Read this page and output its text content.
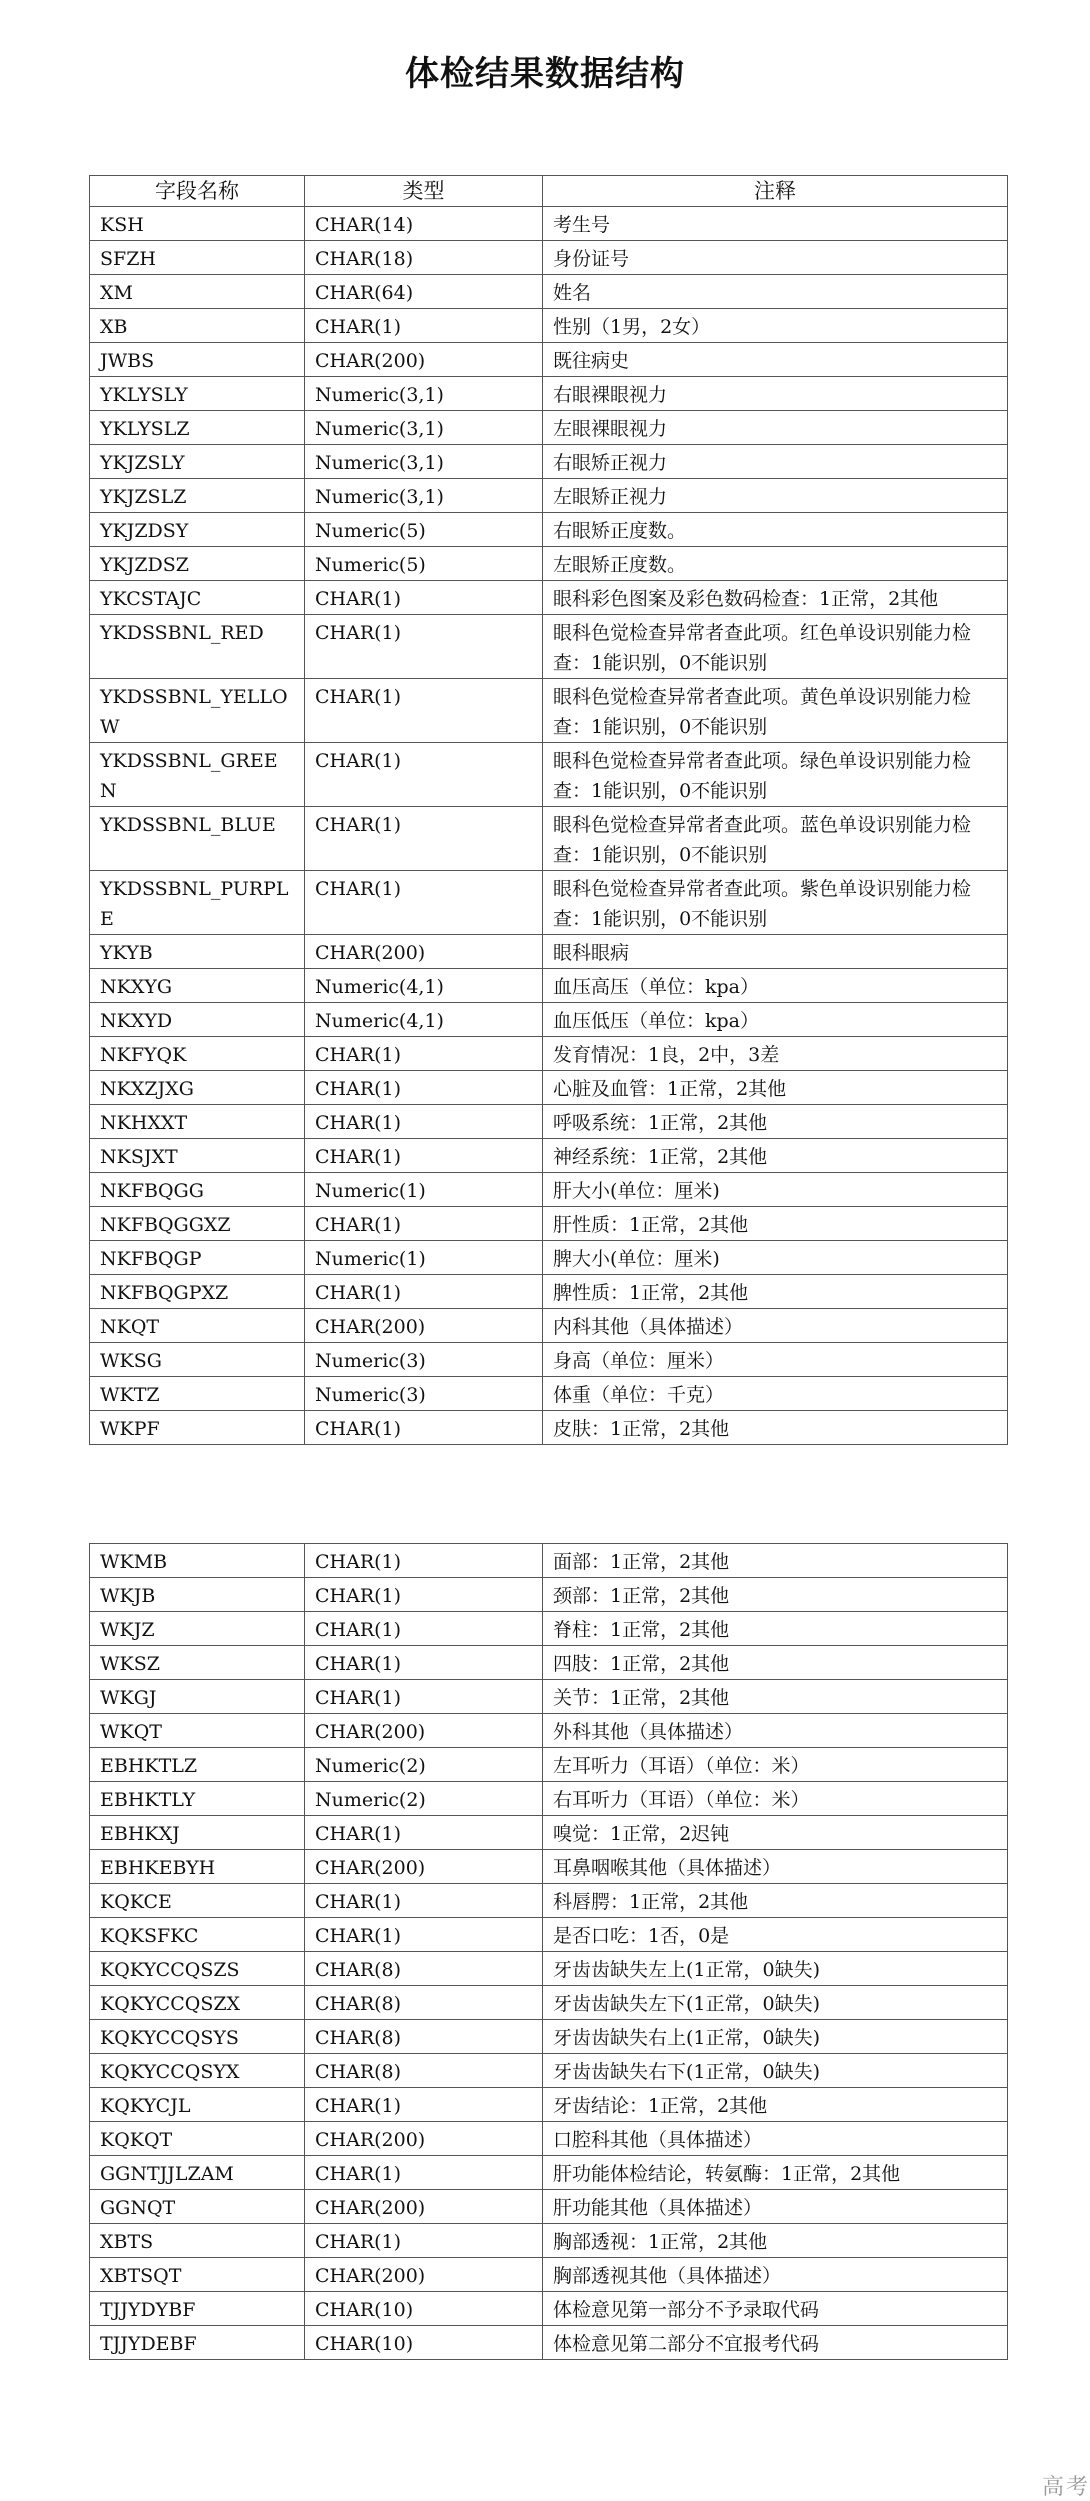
体检结果数据结构
字段名称	类型	注释
KSH	CHAR(14)	考生号
SFZH	CHAR(18)	身份证号
XM	CHAR(64)	姓名
XB	CHAR(1)	性别（1男，2女）
JWBS	CHAR(200)	既往病史
YKLYSLY	Numeric(3,1)	右眼裸眼视力
YKLYSLZ	Numeric(3,1)	左眼裸眼视力
YKJZSLY	Numeric(3,1)	右眼矫正视力
YKJZSLZ	Numeric(3,1)	左眼矫正视力
YKJZDSY	Numeric(5)	右眼矫正度数。
YKJZDSZ	Numeric(5)	左眼矫正度数。
YKCSTAJC	CHAR(1)	眼科彩色图案及彩色数码检查：1正常，2其他
YKDSSBNL_RED	CHAR(1)	眼科色觉检查异常者查此项。红色单设识别能力检查：1能识别，0不能识别
YKDSSBNL_YELLOW	CHAR(1)	眼科色觉检查异常者查此项。黄色单设识别能力检查：1能识别，0不能识别
YKDSSBNL_GREEN	CHAR(1)	眼科色觉检查异常者查此项。绿色单设识别能力检查：1能识别，0不能识别
YKDSSBNL_BLUE	CHAR(1)	眼科色觉检查异常者查此项。蓝色单设识别能力检查：1能识别，0不能识别
YKDSSBNL_PURPLE	CHAR(1)	眼科色觉检查异常者查此项。紫色单设识别能力检查：1能识别，0不能识别
YKYB	CHAR(200)	眼科眼病
NKXYG	Numeric(4,1)	血压高压（单位：kpa）
NKXYD	Numeric(4,1)	血压低压（单位：kpa）
NKFYQK	CHAR(1)	发育情况：1良，2中，3差
NKXZJXG	CHAR(1)	心脏及血管：1正常，2其他
NKHXXT	CHAR(1)	呼吸系统：1正常，2其他
NKSJXT	CHAR(1)	神经系统：1正常，2其他
NKFBQGG	Numeric(1)	肝大小(单位：厘米)
NKFBQGGXZ	CHAR(1)	肝性质：1正常，2其他
NKFBQGP	Numeric(1)	脾大小(单位：厘米)
NKFBQGPXZ	CHAR(1)	脾性质：1正常，2其他
NKQT	CHAR(200)	内科其他（具体描述）
WKSG	Numeric(3)	身高（单位：厘米）
WKTZ	Numeric(3)	体重（单位：千克）
WKPF	CHAR(1)	皮肤：1正常，2其他
WKMB	CHAR(1)	面部：1正常，2其他
WKJB	CHAR(1)	颈部：1正常，2其他
WKJZ	CHAR(1)	脊柱：1正常，2其他
WKSZ	CHAR(1)	四肢：1正常，2其他
WKGJ	CHAR(1)	关节：1正常，2其他
WKQT	CHAR(200)	外科其他（具体描述）
EBHKTLZ	Numeric(2)	左耳听力（耳语）（单位：米）
EBHKTLY	Numeric(2)	右耳听力（耳语）（单位：米）
EBHKXJ	CHAR(1)	嗅觉：1正常，2迟钝
EBHKEBYH	CHAR(200)	耳鼻咽喉其他（具体描述）
KQKCE	CHAR(1)	科唇腭：1正常，2其他
KQKSFKC	CHAR(1)	是否口吃：1否，0是
KQKYCCQSZS	CHAR(8)	牙齿齿缺失左上(1正常，0缺失)
KQKYCCQSZX	CHAR(8)	牙齿齿缺失左下(1正常，0缺失)
KQKYCCQSYS	CHAR(8)	牙齿齿缺失右上(1正常，0缺失)
KQKYCCQSYX	CHAR(8)	牙齿齿缺失右下(1正常，0缺失)
KQKYCJL	CHAR(1)	牙齿结论：1正常，2其他
KQKQT	CHAR(200)	口腔科其他（具体描述）
GGNTJJLZAM	CHAR(1)	肝功能体检结论，转氨酶：1正常，2其他
GGNQT	CHAR(200)	肝功能其他（具体描述）
XBTS	CHAR(1)	胸部透视：1正常，2其他
XBTSQT	CHAR(200)	胸部透视其他（具体描述）
TJJYDYBF	CHAR(10)	体检意见第一部分不予录取代码
TJJYDEBF	CHAR(10)	体检意见第二部分不宜报考代码
高考
